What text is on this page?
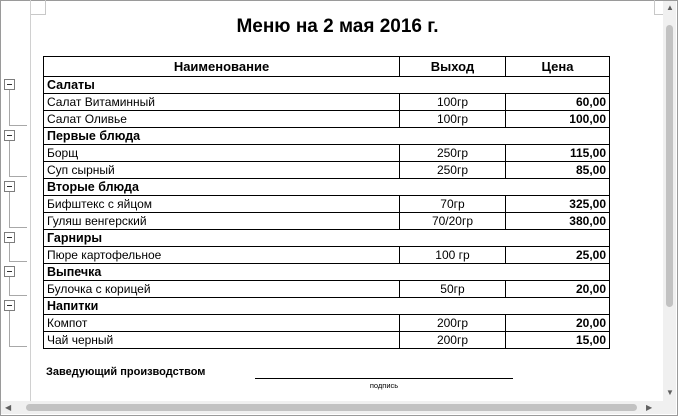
Меню на 2 мая 2016 г.
Наименование	Выход	Цена
Салаты		
Салат Витаминный	100гр	60,00
Салат Оливье	100гр	100,00
Первые блюда		
Борщ	250гр	115,00
Суп сырный	250гр	85,00
Вторые блюда		
Бифштекс с яйцом	70гр	325,00
Гуляш венгерский	70/20гр	380,00
Гарниры		
Пюре картофельное	100 гр	25,00
Выпечка		
Булочка с корицей	50гр	20,00
Напитки		
Компот	200гр	20,00
Чай черный	200гр	15,00
Заведующий производством
подпись
▲
▼
◀	▶
